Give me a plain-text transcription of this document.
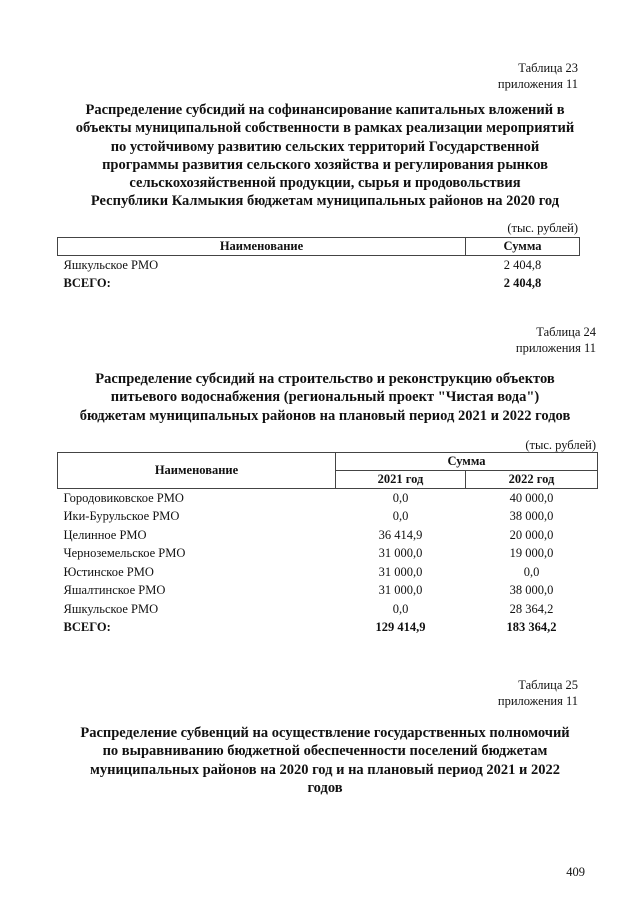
Таблица 23
приложения 11
Распределение субсидий на софинансирование капитальных вложений в
объекты муниципальной собственности в рамках реализации мероприятий
по устойчивому развитию сельских территорий Государственной
программы развития сельского хозяйства и регулирования рынков
сельскохозяйственной продукции, сырья и продовольствия
Республики Калмыкия бюджетам муниципальных районов на 2020 год
(тыс. рублей)
Наименование	Сумма
Яшкульское РМО	2 404,8
ВСЕГО:	2 404,8
Таблица 24
приложения 11
Распределение субсидий на строительство и реконструкцию объектов
питьевого водоснабжения (региональный проект "Чистая вода")
бюджетам муниципальных районов на плановый период 2021 и 2022 годов
(тыс. рублей)
Наименование	Сумма	
	2021 год	2022 год
Городовиковское РМО	0,0	40 000,0
Ики-Бурульское РМО	0,0	38 000,0
Целинное РМО	36 414,9	20 000,0
Черноземельское РМО	31 000,0	19 000,0
Юстинское РМО	31 000,0	0,0
Яшалтинское РМО	31 000,0	38 000,0
Яшкульское РМО	0,0	28 364,2
ВСЕГО:	129 414,9	183 364,2
Таблица 25
приложения 11
Распределение субвенций на осуществление государственных полномочий
по выравниванию бюджетной обеспеченности поселений бюджетам
муниципальных районов на 2020 год и на плановый период 2021 и 2022
годов
409
